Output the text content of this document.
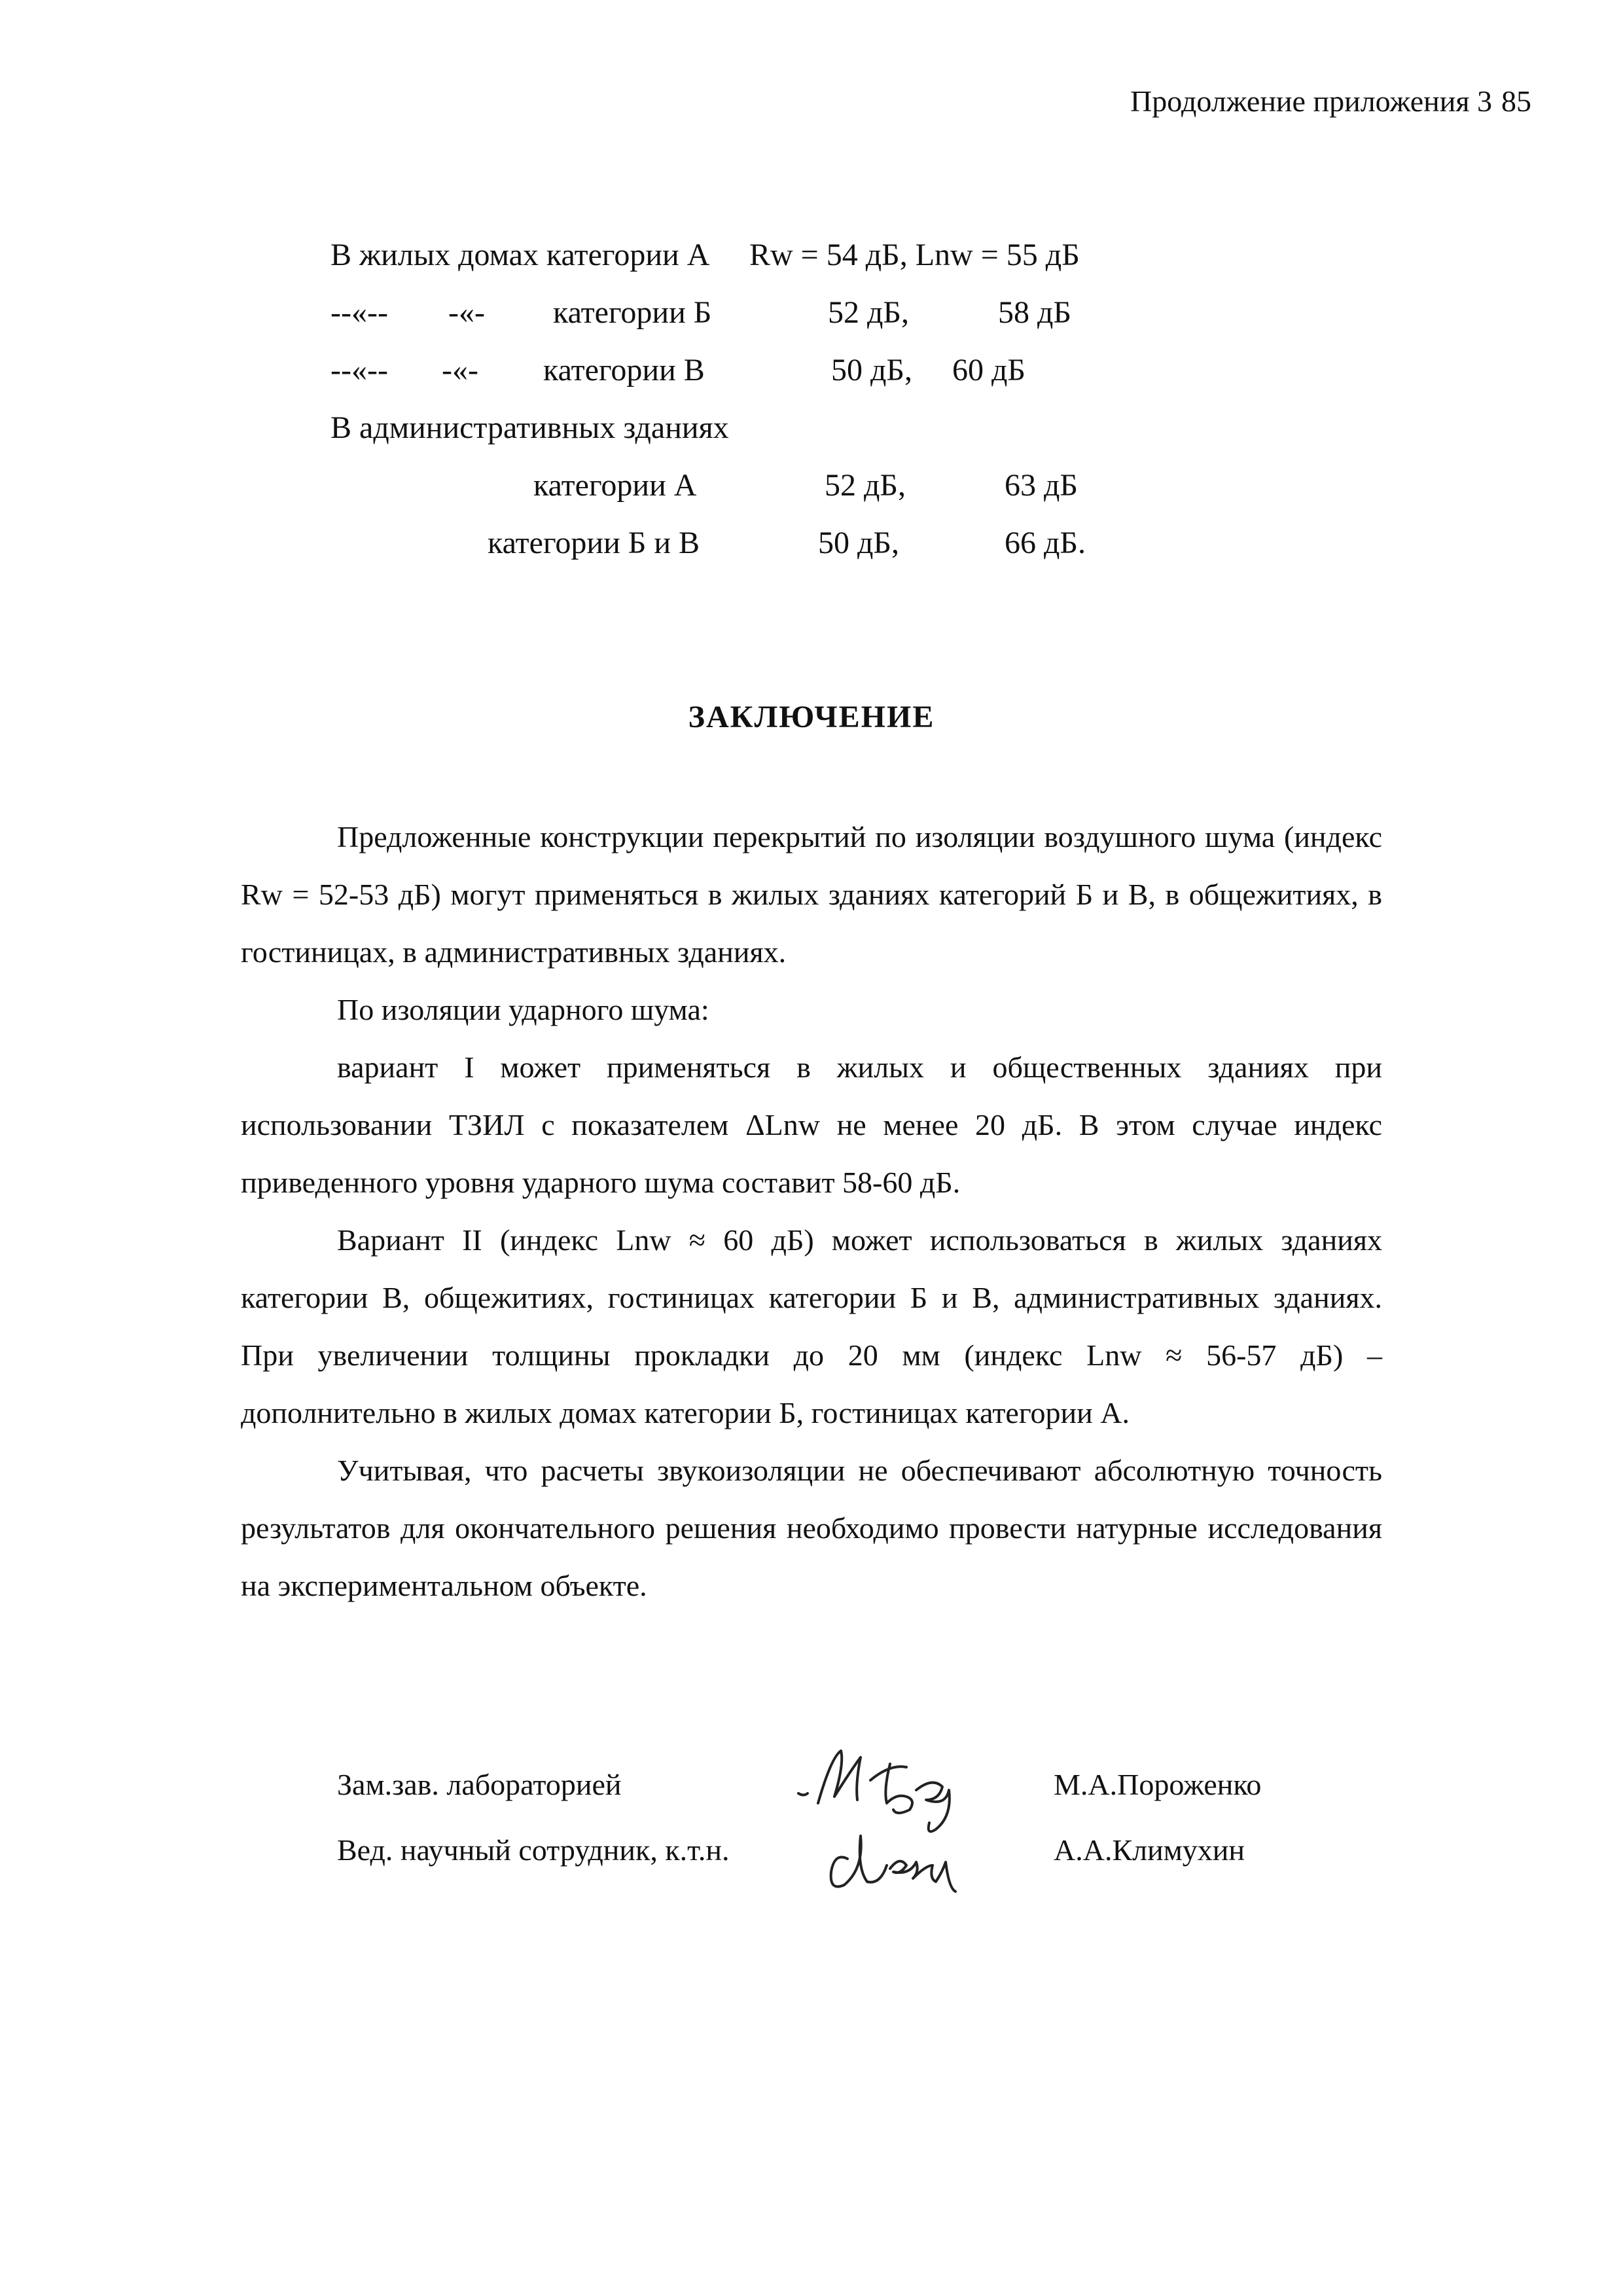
Продолжение приложения 3 85
В жилых домах категории А Rw = 54 дБ, Lnw = 55 дБ
--«-- -«- категории Б	52 дБ,	58 дБ
--«-- -«- категории В	50 дБ, 60 дБ
В административных зданиях
категории А	52 дБ,	63 дБ
категории Б и В	50 дБ,	66 дБ.
ЗАКЛЮЧЕНИЕ

Предложенные конструкции перекрытий по изоляции воздушного шума (индекс Rw = 52-53 дБ) могут применяться в жилых зданиях категорий Б и В, в общежитиях, в гостиницах, в административных зданиях.

По изоляции ударного шума:

вариант I может применяться в жилых и общественных зданиях при использовании ТЗИЛ с показателем ΔLnw не менее 20 дБ. В этом случае индекс приведенного уровня ударного шума составит 58-60 дБ.

Вариант II (индекс Lnw ≈ 60 дБ) может использоваться в жилых зданиях категории В, общежитиях, гостиницах категории Б и В, административных зданиях. При увеличении толщины прокладки до 20 мм (индекс Lnw ≈ 56-57 дБ) – дополнительно в жилых домах категории Б, гостиницах категории А.

Учитывая, что расчеты звукоизоляции не обеспечивают абсолютную точность результатов для окончательного решения необходимо провести натурные исследования на экспериментальном объекте.

Зам.зав. лабораторией	М.А.Пороженко
Вед. научный сотрудник, к.т.н.	А.А.Климухин
